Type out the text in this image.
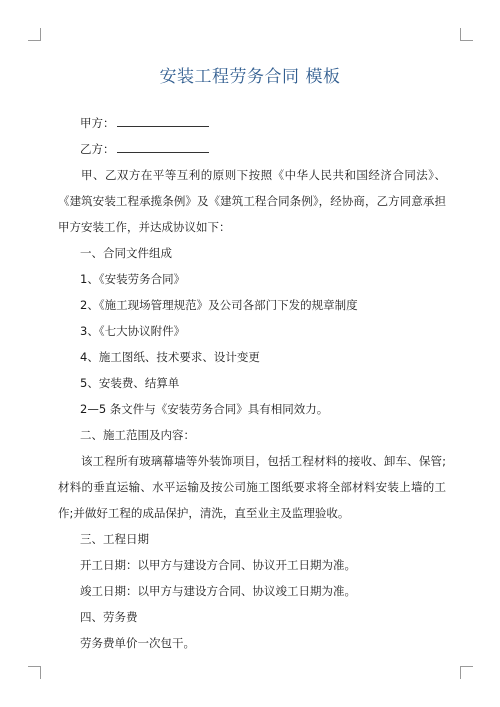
安装工程劳务合同 模板

甲方：

乙方：

甲、乙双方在平等互利的原则下按照《中华人民共和国经济合同法》、《建筑安装工程承揽条例》及《建筑工程合同条例》，经协商，乙方同意承担甲方安装工作，并达成协议如下：

一、合同文件组成

1、《安装劳务合同》

2、《施工现场管理规范》及公司各部门下发的规章制度

3、《七大协议附件》

4、施工图纸、技术要求、设计变更

5、安装费、结算单

2—5 条文件与《安装劳务合同》具有相同效力。

二、施工范围及内容：

该工程所有玻璃幕墙等外装饰项目，包括工程材料的接收、卸车、保管;材料的垂直运输、水平运输及按公司施工图纸要求将全部材料安装上墙的工作;并做好工程的成品保护，清洗，直至业主及监理验收。

三、工程日期

开工日期：以甲方与建设方合同、协议开工日期为准。

竣工日期：以甲方与建设方合同、协议竣工日期为准。

四、劳务费

劳务费单价一次包干。
